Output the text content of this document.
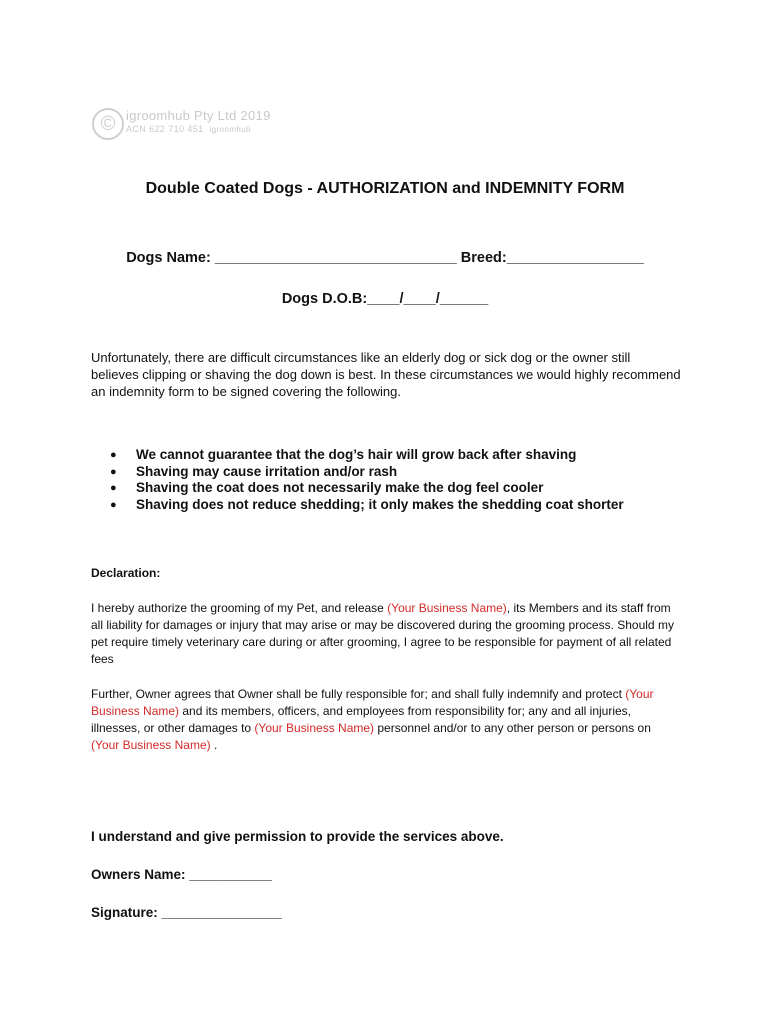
© igroomhub Pty Ltd 2019
ACN 622 710 451 igroomhub
Double Coated Dogs - AUTHORIZATION and INDEMNITY FORM
Dogs Name: ______________________________ Breed:_________________
Dogs D.O.B:____/____/______
Unfortunately, there are difficult circumstances like an elderly dog or sick dog or the owner still believes clipping or shaving the dog down is best. In these circumstances we would highly recommend an indemnity form to be signed covering the following.
● We cannot guarantee that the dog’s hair will grow back after shaving
● Shaving may cause irritation and/or rash
● Shaving the coat does not necessarily make the dog feel cooler
● Shaving does not reduce shedding; it only makes the shedding coat shorter
Declaration:
I hereby authorize the grooming of my Pet, and release (Your Business Name), its Members and its staff from all liability for damages or injury that may arise or may be discovered during the grooming process. Should my pet require timely veterinary care during or after grooming, I agree to be responsible for payment of all related fees
Further, Owner agrees that Owner shall be fully responsible for; and shall fully indemnify and protect (Your Business Name) and its members, officers, and employees from responsibility for; any and all injuries, illnesses, or other damages to (Your Business Name) personnel and/or to any other person or persons on (Your Business Name) .
I understand and give permission to provide the services above.
Owners Name: ___________
Signature: ________________
